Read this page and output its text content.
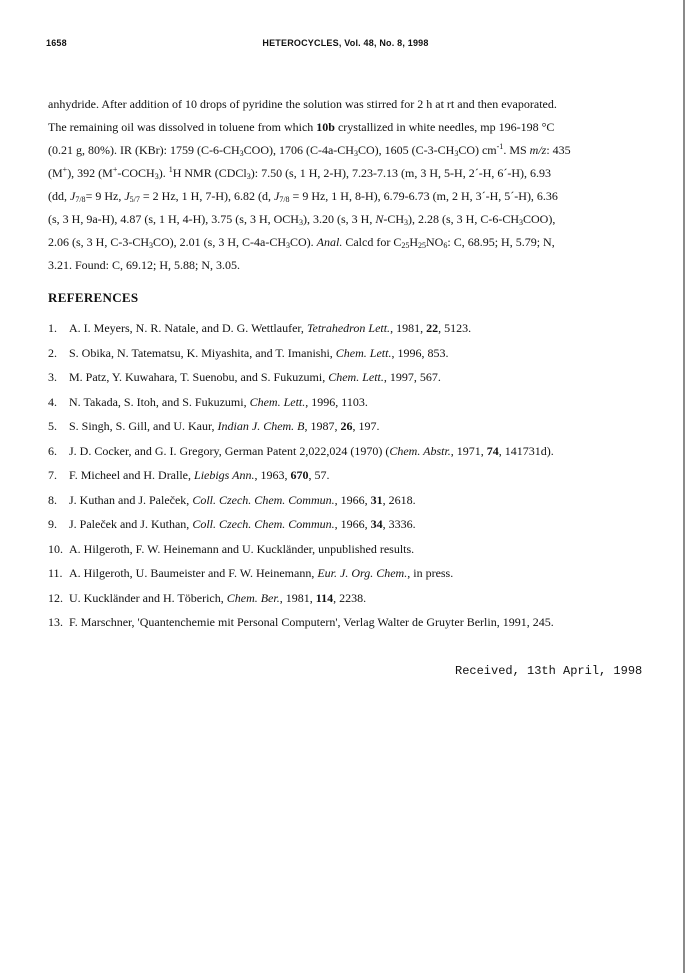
1658	HETEROCYCLES, Vol. 48, No. 8, 1998
anhydride. After addition of 10 drops of pyridine the solution was stirred for 2 h at rt and then evaporated.
The remaining oil was dissolved in toluene from which 10b crystallized in white needles, mp 196-198 °C
(0.21 g, 80%). IR (KBr): 1759 $(C-6-CH_3COO)$, 1706 $(C-4a-CH_3CO)$, 1605 $(C-3-CH_3CO)$ $cm^{-1}$. MS m/z: 435
(M+), 392 $(M^+-COCH_3)$. $^1$H NMR (CDCl$_3$): 7.50 (s, 1 H, 2-H), 7.23-7.13 (m, 3 H, 5-H, 2´-H, 6´-H), 6.93
(dd, $J_{7/8}= 9$ Hz, $J_{5/7} = 2$ Hz, 1 H, 7-H), 6.82 (d, $J_{7/8} = 9$ Hz, 1 H, 8-H), 6.79-6.73 (m, 2 H, 3´-H, 5´-H), 6.36
(s, 3 H, 9a-H), 4.87 (s, 1 H, 4-H), 3.75 (s, 3 H, $OCH_3$), 3.20 (s, 3 H, $N-CH_3$), 2.28 (s, 3 H, $C-6-CH_3COO$),
2.06 (s, 3 H, $C-3-CH_3CO$), 2.01 (s, 3 H, $C-4a-CH_3CO$). Anal. Calcd for $C_{25}H_{25}NO_6$: C, 68.95; H, 5.79; N,
3.21. Found: C, 69.12; H, 5.88; N, 3.05.
REFERENCES
1. A. I. Meyers, N. R. Natale, and D. G. Wettlaufer, Tetrahedron Lett., 1981, 22, 5123.
2. S. Obika, N. Tatematsu, K. Miyashita, and T. Imanishi, Chem. Lett., 1996, 853.
3. M. Patz, Y. Kuwahara, T. Suenobu, and S. Fukuzumi, Chem. Lett., 1997, 567.
4. N. Takada, S. Itoh, and S. Fukuzumi, Chem. Lett., 1996, 1103.
5. S. Singh, S. Gill, and U. Kaur, Indian J. Chem. B, 1987, 26, 197.
6. J. D. Cocker, and G. I. Gregory, German Patent 2,022,024 (1970) (Chem. Abstr., 1971, 74, 141731d).
7. F. Micheel and H. Dralle, Liebigs Ann., 1963, 670, 57.
8. J. Kuthan and J. Paleček, Coll. Czech. Chem. Commun., 1966, 31, 2618.
9. J. Paleček and J. Kuthan, Coll. Czech. Chem. Commun., 1966, 34, 3336.
10. A. Hilgeroth, F. W. Heinemann and U. Kuckländer, unpublished results.
11. A. Hilgeroth, U. Baumeister and F. W. Heinemann, Eur. J. Org. Chem., in press.
12. U. Kuckländer and H. Töberich, Chem. Ber., 1981, 114, 2238.
13. F. Marschner, 'Quantenchemie mit Personal Computern', Verlag Walter de Gruyter Berlin, 1991, 245.
Received, 13th April, 1998
